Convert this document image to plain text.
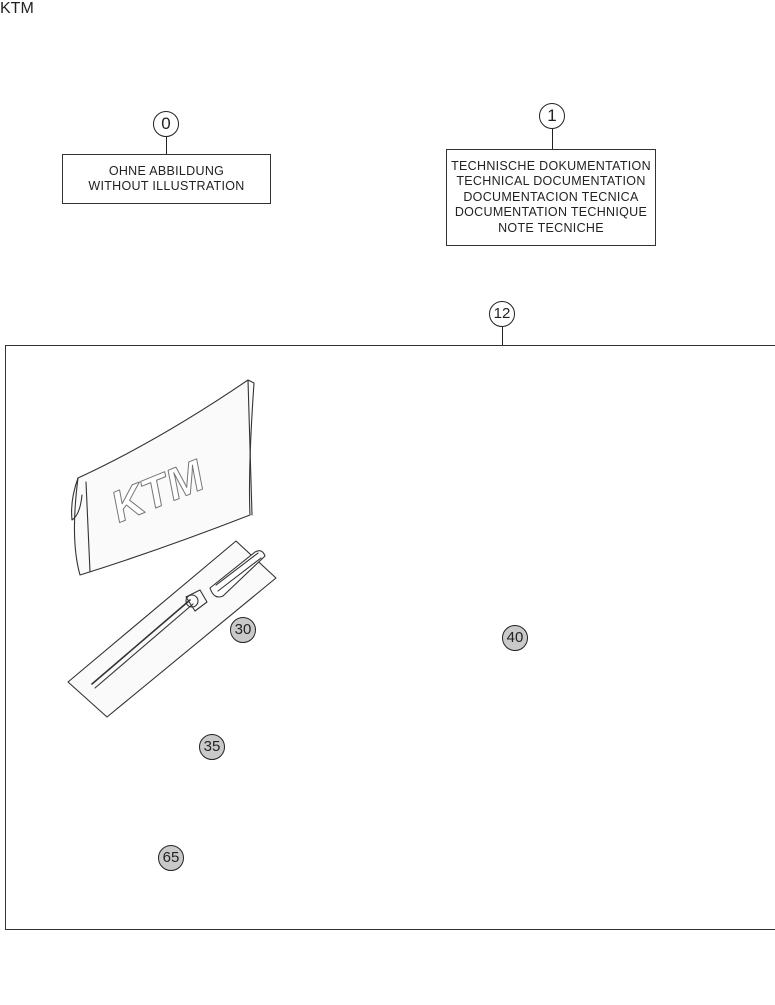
0
OHNE ABBILDUNG
WITHOUT ILLUSTRATION
1
TECHNISCHE DOKUMENTATION
TECHNICAL DOCUMENTATION
DOCUMENTACION TECNICA
DOCUMENTATION TECHNIQUE
NOTE TECNICHE
12
KTM
KTM
30
35
40
65
